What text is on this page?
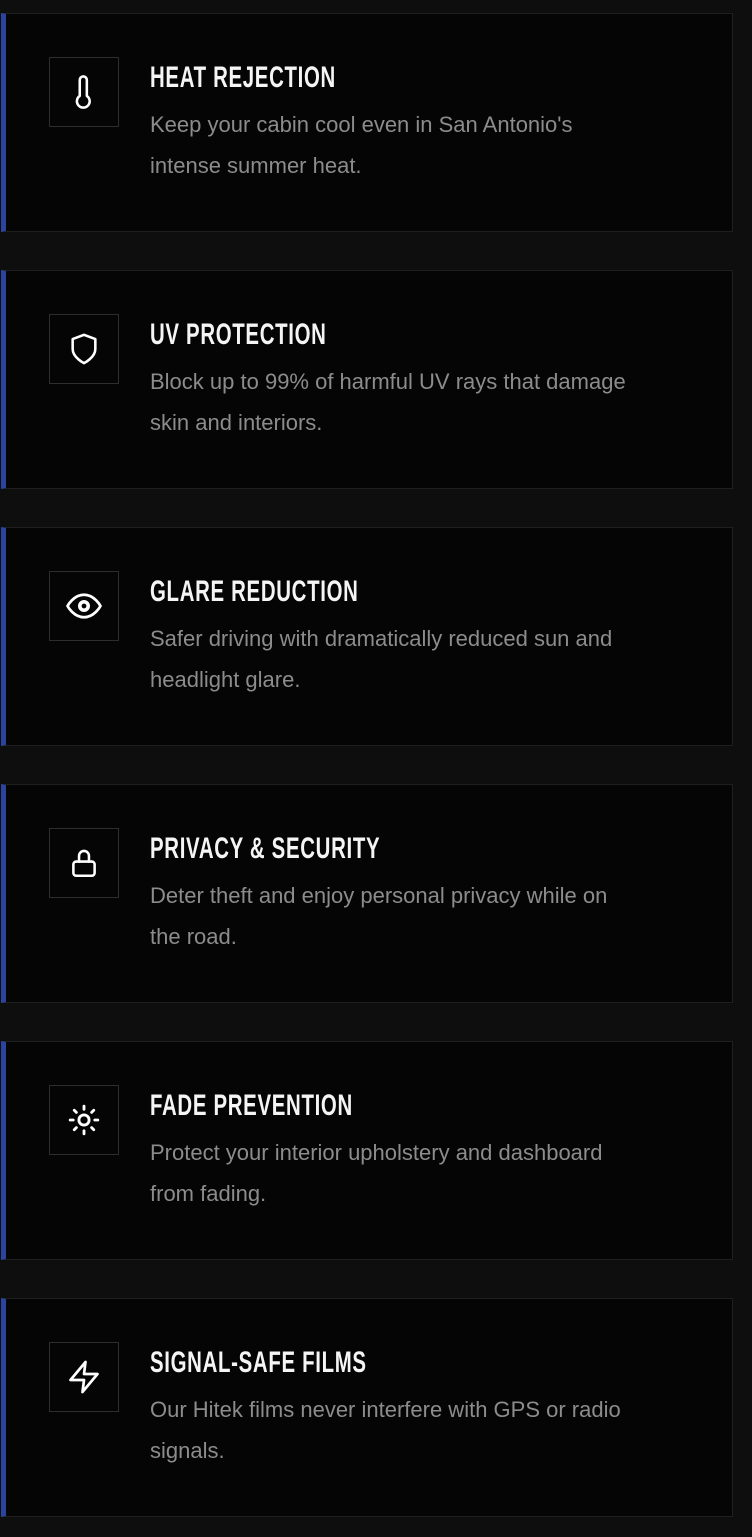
HEAT REJECTION
Keep your cabin cool even in San Antonio's intense summer heat.
UV PROTECTION
Block up to 99% of harmful UV rays that damage skin and interiors.
GLARE REDUCTION
Safer driving with dramatically reduced sun and headlight glare.
PRIVACY & SECURITY
Deter theft and enjoy personal privacy while on the road.
FADE PREVENTION
Protect your interior upholstery and dashboard from fading.
SIGNAL-SAFE FILMS
Our Hitek films never interfere with GPS or radio signals.
